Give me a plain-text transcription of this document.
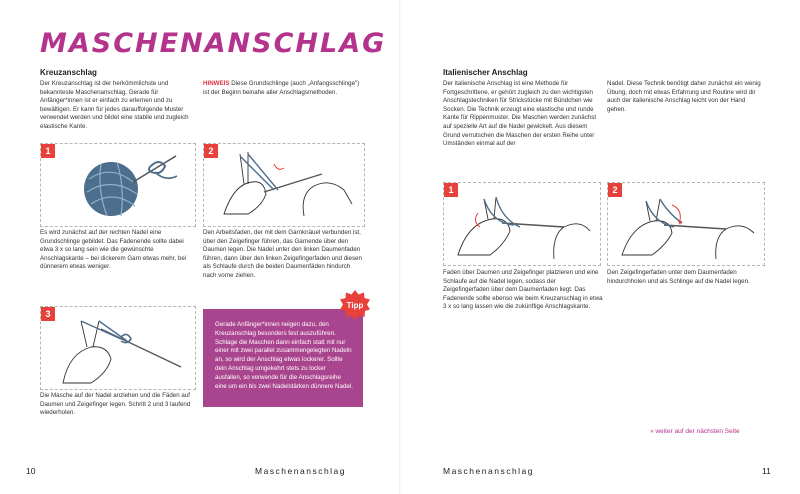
MASCHENANSCHLAG
Kreuzanschlag
Der Kreuzanschlag ist der herkömmlichste und bekannteste Maschenanschlag. Gerade für Anfänger*innen ist er einfach zu erlernen und zu bewältigen. Er kann für jedes darauffolgende Muster verwendet werden und bildet eine stabile und zugleich elastische Kante.
HINWEIS Diese Grundschlinge (auch „Anfangsschlinge") ist der Beginn beinahe aller Anschlagsmethoden.
1
Es wird zunächst auf der rechten Nadel eine Grundschlinge gebildet. Das Fadenende sollte dabei etwa 3 x so lang sein wie die gewünschte Anschlagskante – bei dickerem Garn etwas mehr, bei dünnerem etwas weniger.
2
Den Arbeitsfaden, der mit dem Garnknäuel verbunden ist, über den Zeigefinger führen, das Garnende über den Daumen legen. Die Nadel unter den linken Daumenfaden führen, dann über den linken Zeigefingerfaden und diesen als Schlaufe durch die beiden Daumenfäden hindurch nach vorne ziehen.
3
Die Masche auf der Nadel anziehen und die Fäden auf Daumen und Zeigefinger legen. Schritt 2 und 3 laufend wiederholen.
Gerade Anfänger*innen neigen dazu, den Kreuzanschlag besonders fest auszuführen. Schlage die Maschen dann einfach statt mit nur einer mit zwei parallel zusammengelegten Nadeln an, so wird der Anschlag etwas lockerer. Sollte dein Anschlag umgekehrt stets zu locker ausfallen, so verwende für die Anschlagsreihe eine um ein bis zwei Nadelstärken dünnere Nadel.
Tipp
10	Maschenanschlag
Italienischer Anschlag
Der italienische Anschlag ist eine Methode für Fortgeschrittene, er gehört zugleich zu den wichtigsten Anschlagstechniken für Strickstücke mit Bündchen wie Socken. Die Technik erzeugt eine elastische und runde Kante für Rippenmuster. Die Maschen werden zunächst auf spezielle Art auf die Nadel gewickelt. Aus diesem Grund verrutschen die Maschen der ersten Reihe unter Umständen einmal auf der
Nadel. Diese Technik benötigt daher zunächst ein wenig Übung, doch mit etwas Erfahrung und Routine wird dir auch der italienische Anschlag leicht von der Hand gehen.
1
Faden über Daumen und Zeigefinger platzieren und eine Schlaufe auf die Nadel legen, sodass der Zeigefingerfaden über dem Daumenfaden liegt. Das Fadenende sollte ebenso wie beim Kreuzanschlag in etwa 3 x so lang lassen wie die zukünftige Anschlagskante.
2
Den Zeigefingerfaden unter dem Daumenfaden hindurchholen und als Schlinge auf die Nadel legen.
» weiter auf der nächsten Seite
Maschenanschlag	11
